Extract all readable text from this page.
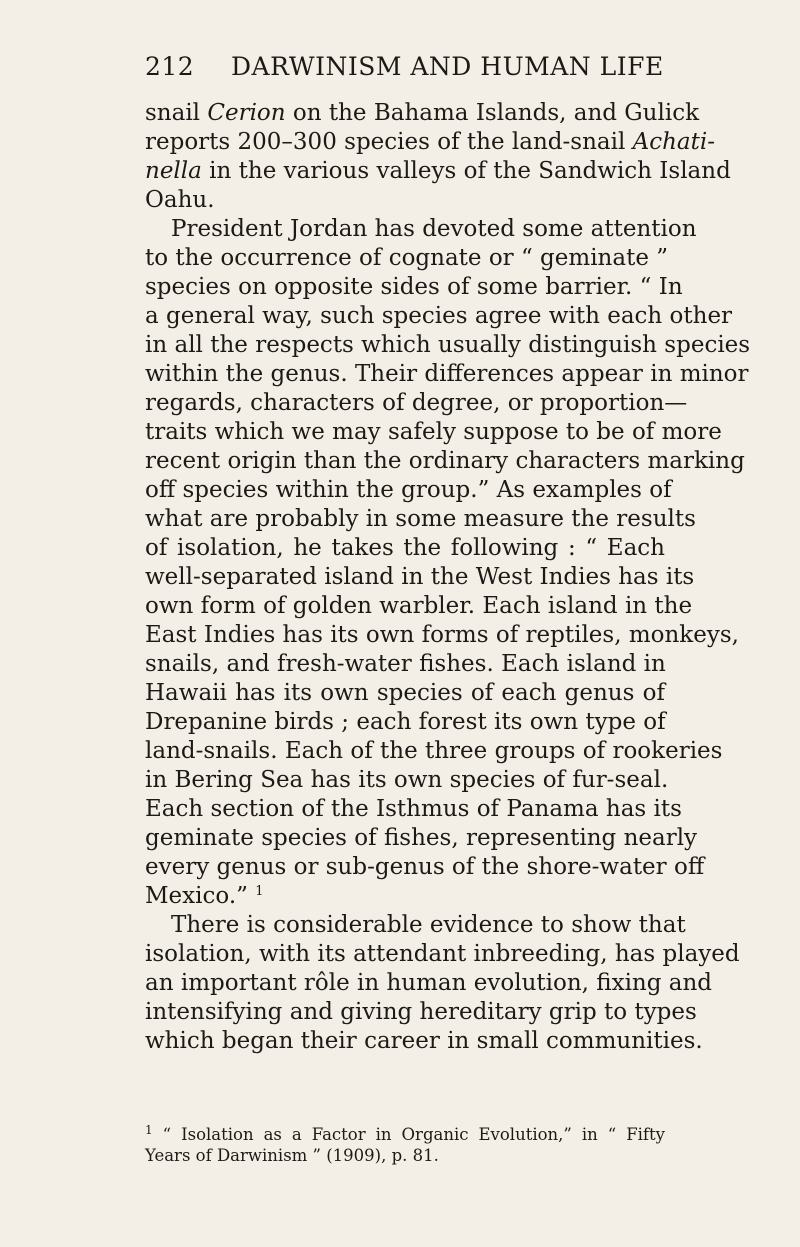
212 DARWINISM AND HUMAN LIFE
snail Cerion on the Bahama Islands, and Gulick
reports 200–300 species of the land-snail Achati-
nella in the various valleys of the Sandwich Island
Oahu.
President Jordan has devoted some attention
to the occurrence of cognate or “ geminate ”
species on opposite sides of some barrier. “ In
a general way, such species agree with each other
in all the respects which usually distinguish species
within the genus. Their differences appear in minor
regards, characters of degree, or proportion—
traits which we may safely suppose to be of more
recent origin than the ordinary characters marking
off species within the group.” As examples of
what are probably in some measure the results
of isolation, he takes the following : “ Each
well-separated island in the West Indies has its
own form of golden warbler. Each island in the
East Indies has its own forms of reptiles, monkeys,
snails, and fresh-water fishes. Each island in
Hawaii has its own species of each genus of
Drepanine birds ; each forest its own type of
land-snails. Each of the three groups of rookeries
in Bering Sea has its own species of fur-seal.
Each section of the Isthmus of Panama has its
geminate species of fishes, representing nearly
every genus or sub-genus of the shore-water off
Mexico.” $^1$
There is considerable evidence to show that
isolation, with its attendant inbreeding, has played
an important rôle in human evolution, fixing and
intensifying and giving hereditary grip to types
which began their career in small communities.
$^1$ “ Isolation as a Factor in Organic Evolution,” in “ Fifty
Years of Darwinism ” (1909), p. 81.
